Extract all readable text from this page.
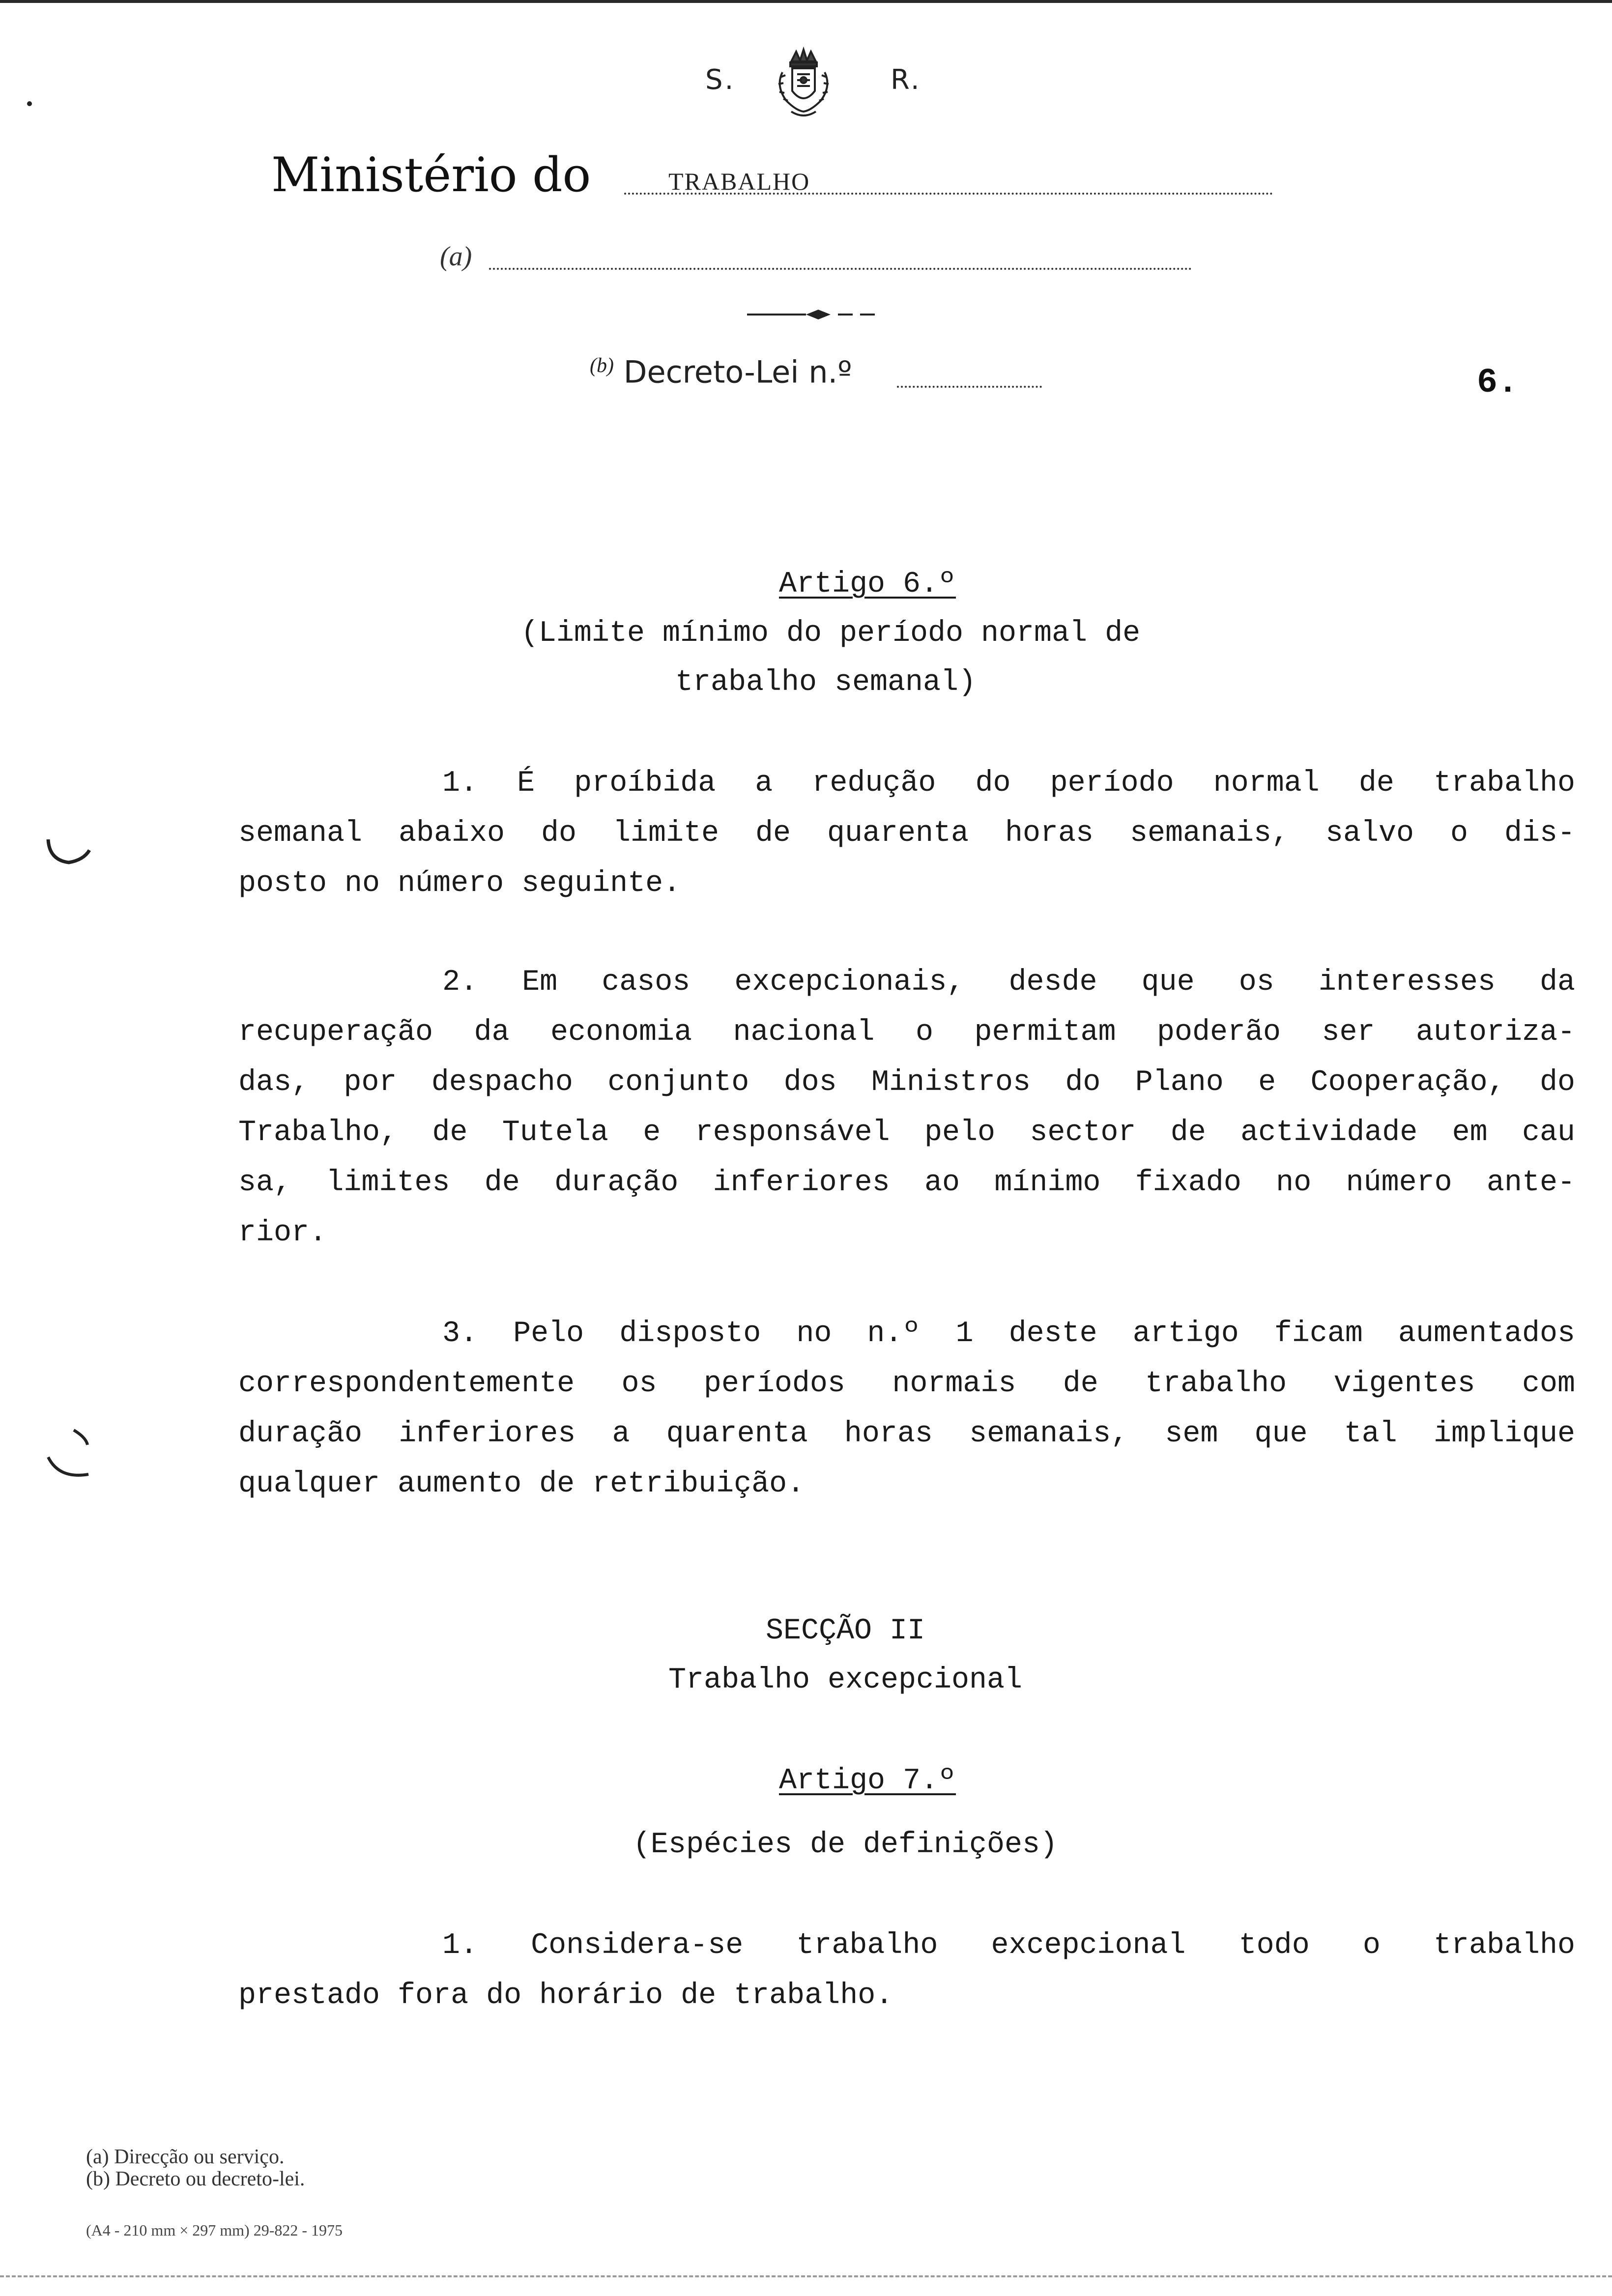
S.	R.
Ministério do	TRABALHO
(a)
$^{(b)}$ Decreto-Lei n.º	6.
Artigo 6.º
(Limite mínimo do período normal de
trabalho semanal)
1. É proíbida a redução do período normal de trabalho
semanal abaixo do limite de quarenta horas semanais, salvo o dis-
posto no número seguinte.
2. Em casos excepcionais, desde que os interesses da
recuperação da economia nacional o permitam poderão ser autoriza-
das, por despacho conjunto dos Ministros do Plano e Cooperação, do
Trabalho, de Tutela e responsável pelo sector de actividade em cau
sa, limites de duração inferiores ao mínimo fixado no número ante-
rior.
3. Pelo disposto no n.º 1 deste artigo ficam aumentados
correspondentemente os períodos normais de trabalho vigentes com
duração inferiores a quarenta horas semanais, sem que tal implique
qualquer aumento de retribuição.
SECÇÃO II
Trabalho excepcional
Artigo 7.º
(Espécies de definições)
1. Considera-se trabalho excepcional todo o trabalho
prestado fora do horário de trabalho.
(a) Direcção ou serviço.
(b) Decreto ou decreto-lei.
(A4 - 210 mm × 297 mm) 29-822 - 1975
